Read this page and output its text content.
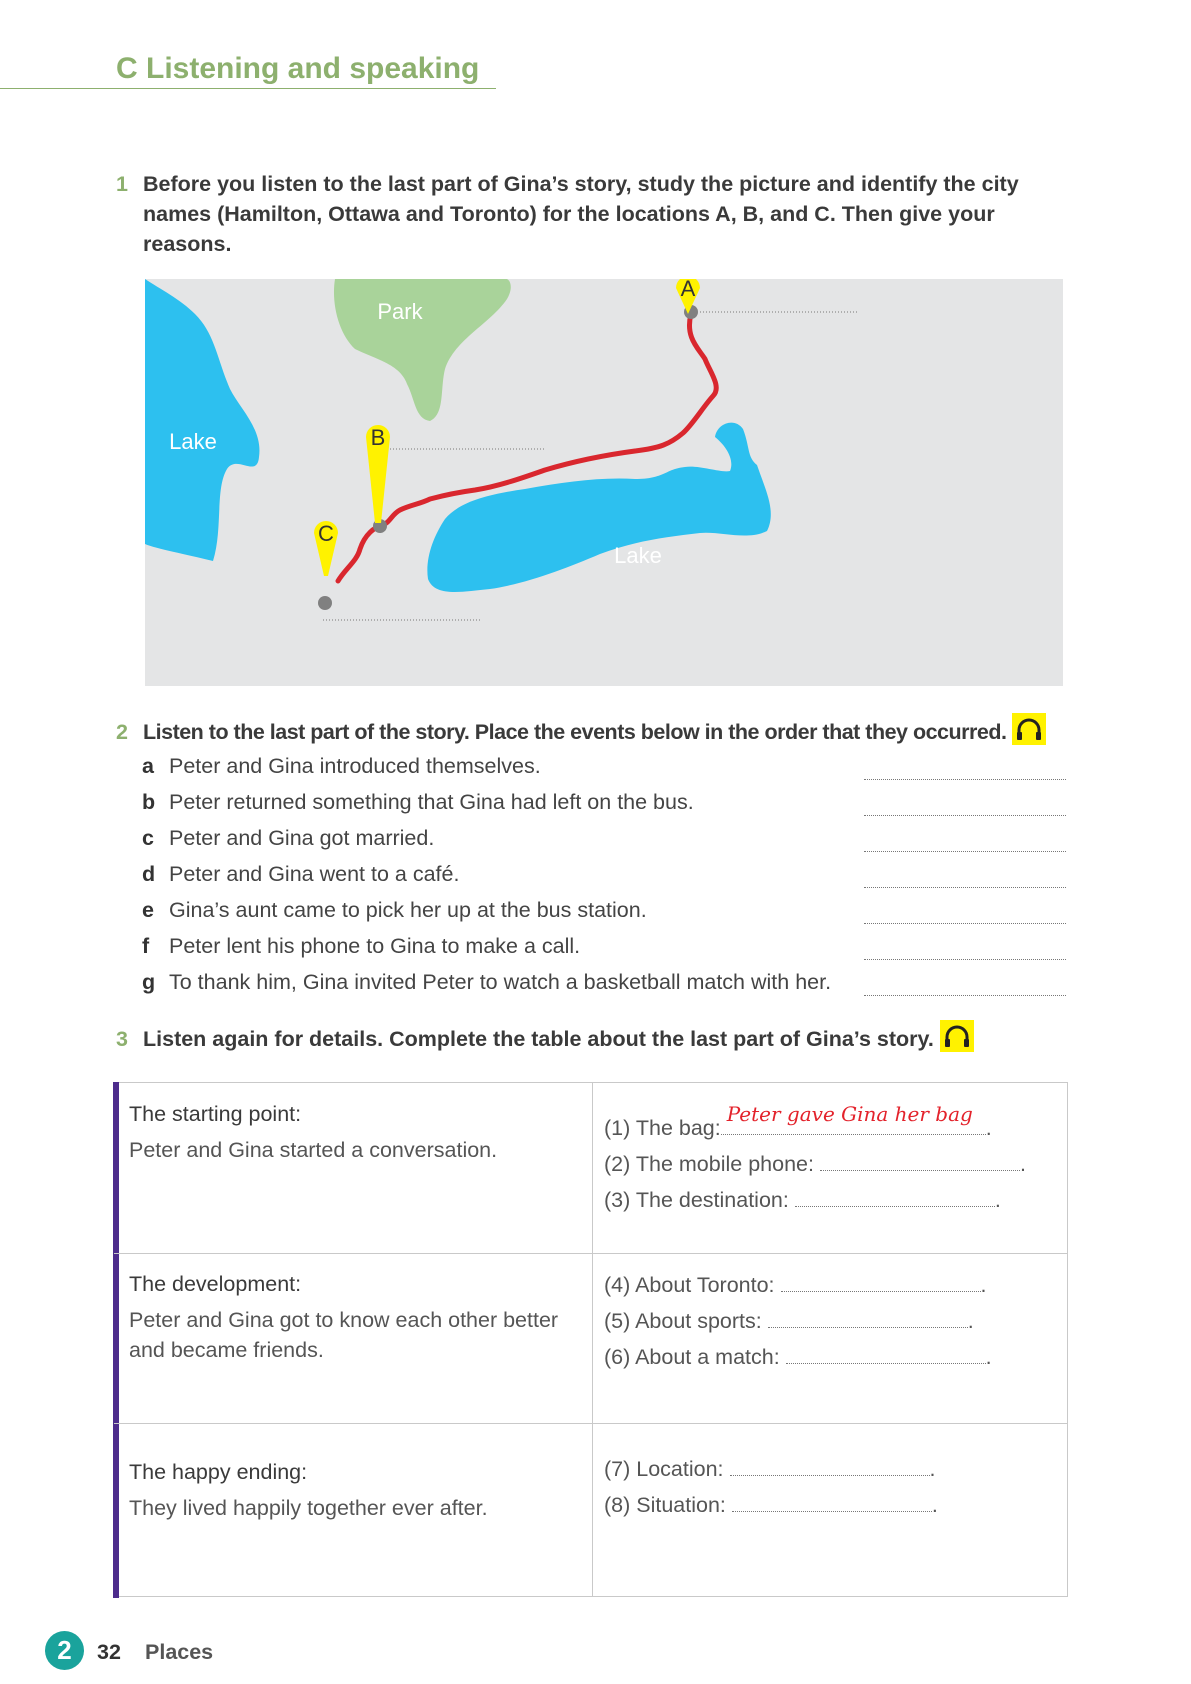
C Listening and speaking
1 Before you listen to the last part of Gina’s story, study the picture and identify the city names (Hamilton, Ottawa and Toronto) for the locations A, B, and C. Then give your reasons.
A
B
C
Park
Lake
Lake
2 Listen to the last part of the story. Place the events below in the order that they occurred.
a Peter and Gina introduced themselves.
b Peter returned something that Gina had left on the bus.
c Peter and Gina got married.
d Peter and Gina went to a café.
e Gina’s aunt came to pick her up at the bus station.
f Peter lent his phone to Gina to make a call.
g To thank him, Gina invited Peter to watch a basketball match with her.
3 Listen again for details. Complete the table about the last part of Gina’s story.
The starting point:
Peter and Gina started a conversation.
(1) The bag:
Peter gave Gina her bag
.
(2) The mobile phone:	.
(3) The destination:	.
The development:
Peter and Gina got to know each other better and became friends.
(4) About Toronto:	.
(5) About sports:	.
(6) About a match:	.
The happy ending:
They lived happily together ever after.
(7) Location:	.
(8) Situation:	.
2	32 Places
